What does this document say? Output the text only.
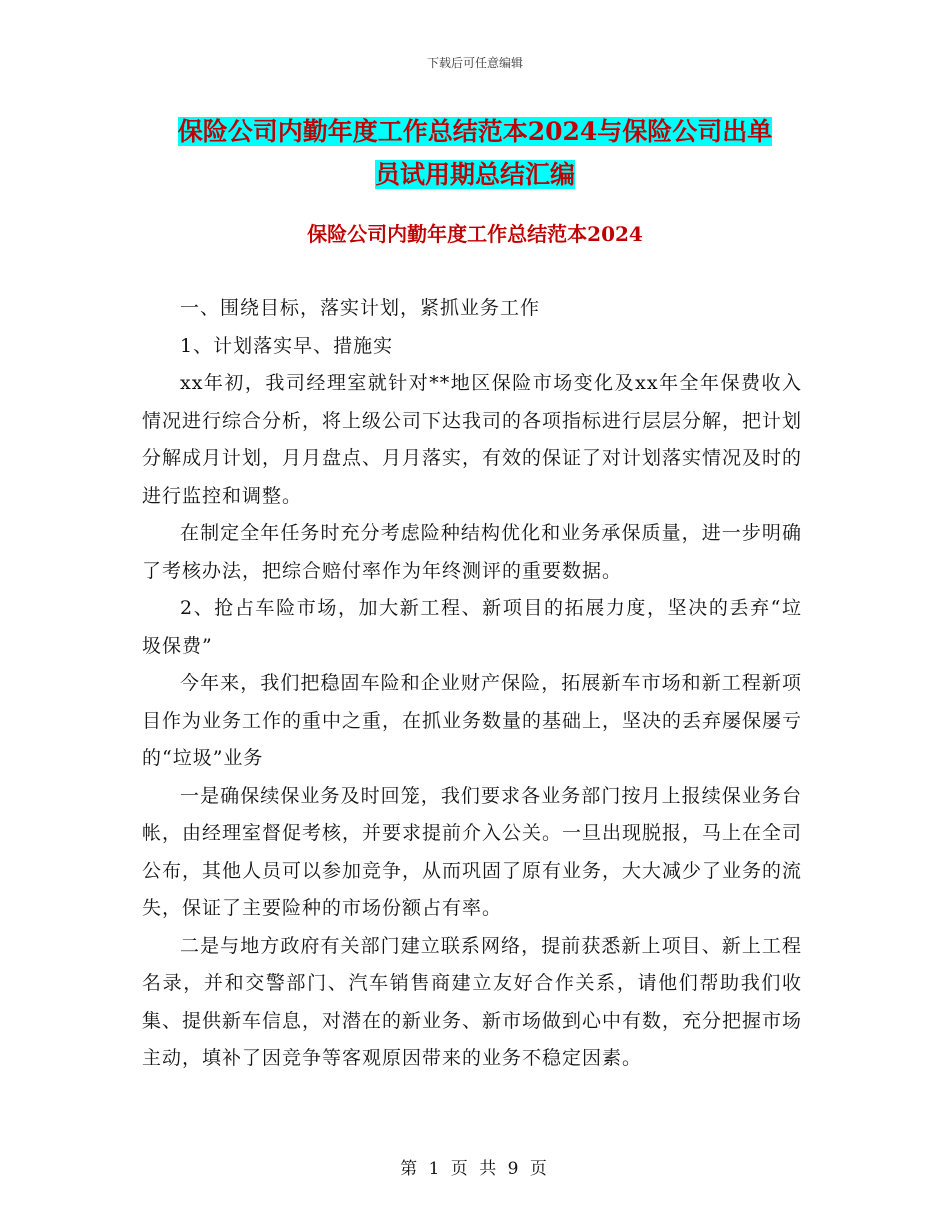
下载后可任意编辑
保险公司内勤年度工作总结范本2024与保险公司出单
员试用期总结汇编
保险公司内勤年度工作总结范本2024

一、围绕目标，落实计划，紧抓业务工作

1、计划落实早、措施实

xx年初，我司经理室就针对**地区保险市场变化及xx年全年保费收入情况进行综合分析，将上级公司下达我司的各项指标进行层层分解，把计划分解成月计划，月月盘点、月月落实，有效的保证了对计划落实情况及时的进行监控和调整。

在制定全年任务时充分考虑险种结构优化和业务承保质量，进一步明确了考核办法，把综合赔付率作为年终测评的重要数据。

2、抢占车险市场，加大新工程、新项目的拓展力度，坚决的丢弃“垃圾保费”

今年来，我们把稳固车险和企业财产保险，拓展新车市场和新工程新项目作为业务工作的重中之重，在抓业务数量的基础上，坚决的丢弃屡保屡亏的“垃圾”业务

一是确保续保业务及时回笼，我们要求各业务部门按月上报续保业务台帐，由经理室督促考核，并要求提前介入公关。一旦出现脱报，马上在全司公布，其他人员可以参加竞争，从而巩固了原有业务，大大减少了业务的流失，保证了主要险种的市场份额占有率。

二是与地方政府有关部门建立联系网络，提前获悉新上项目、新上工程名录，并和交警部门、汽车销售商建立友好合作关系，请他们帮助我们收集、提供新车信息，对潜在的新业务、新市场做到心中有数，充分把握市场主动，填补了因竞争等客观原因带来的业务不稳定因素。

第 1 页 共 9 页
